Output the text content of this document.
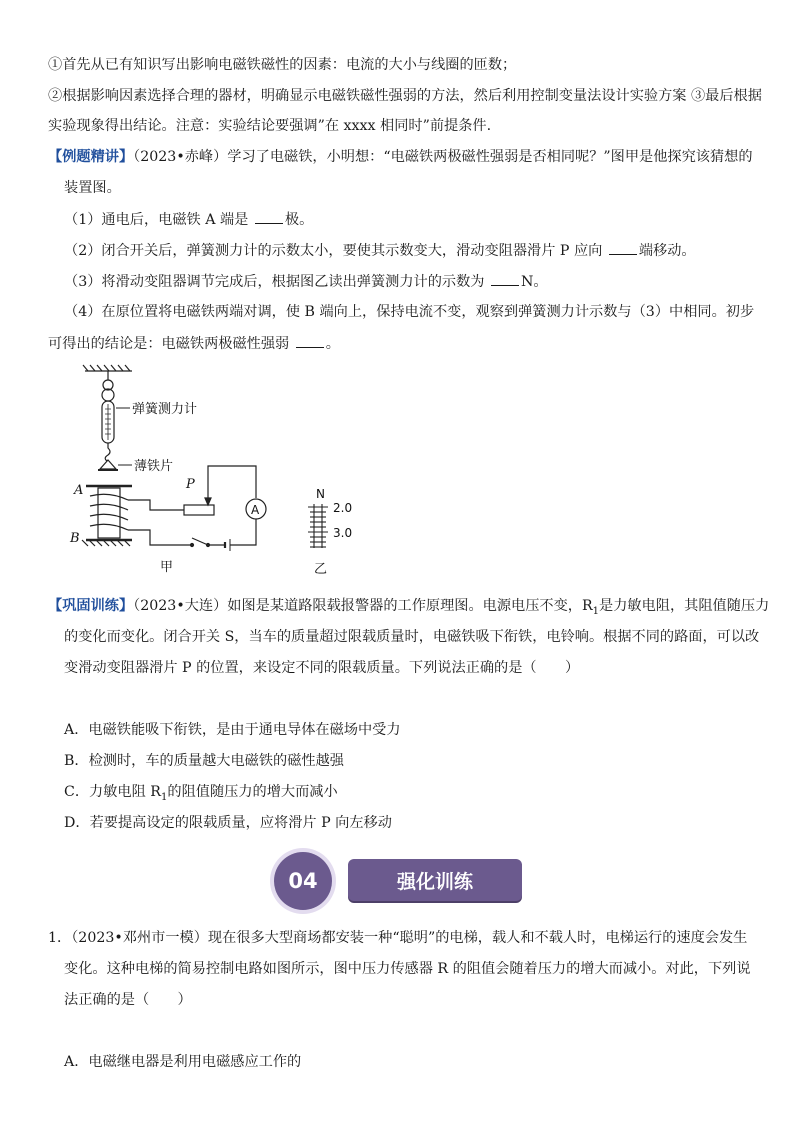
①首先从已有知识写出影响电磁铁磁性的因素：电流的大小与线圈的匝数；
②根据影响因素选择合理的器材，明确显示电磁铁磁性强弱的方法，然后利用控制变量法设计实验方案 ③最后根据
实验现象得出结论。注意：实验结论要强调”在 xxxx 相同时”前提条件.
【例题精讲】（2023•赤峰）学习了电磁铁，小明想：“电磁铁两极磁性强弱是否相同呢？”图甲是他探究该猜想的
装置图。
（1）通电后，电磁铁 A 端是 极。
（2）闭合开关后，弹簧测力计的示数太小，要使其示数变大，滑动变阻器滑片 P 应向 端移动。
（3）将滑动变阻器调节完成后，根据图乙读出弹簧测力计的示数为 N。
（4）在原位置将电磁铁两端对调，使 B 端向上，保持电流不变，观察到弹簧测力计示数与（3）中相同。初步
可得出的结论是：电磁铁两极磁性强弱 。
弹簧测力计
薄铁片
A
B
P
A
甲
N
2.0
3.0
乙
【巩固训练】（2023•大连）如图是某道路限载报警器的工作原理图。电源电压不变，$R_1$是力敏电阻，其阻值随压力
的变化而变化。闭合开关 S，当车的质量超过限载质量时，电磁铁吸下衔铁，电铃响。根据不同的路面，可以改
变滑动变阻器滑片 P 的位置，来设定不同的限载质量。下列说法正确的是（　　）
A．电磁铁能吸下衔铁，是由于通电导体在磁场中受力
B．检测时，车的质量越大电磁铁的磁性越强
C．力敏电阻 $R_1$的阻值随压力的增大而减小
D．若要提高设定的限载质量，应将滑片 P 向左移动
04	强化训练
1．（2023•邓州市一模）现在很多大型商场都安装一种“聪明”的电梯，载人和不载人时，电梯运行的速度会发生
变化。这种电梯的简易控制电路如图所示，图中压力传感器 R 的阻值会随着压力的增大而减小。对此，下列说
法正确的是（　　）
A．电磁继电器是利用电磁感应工作的
